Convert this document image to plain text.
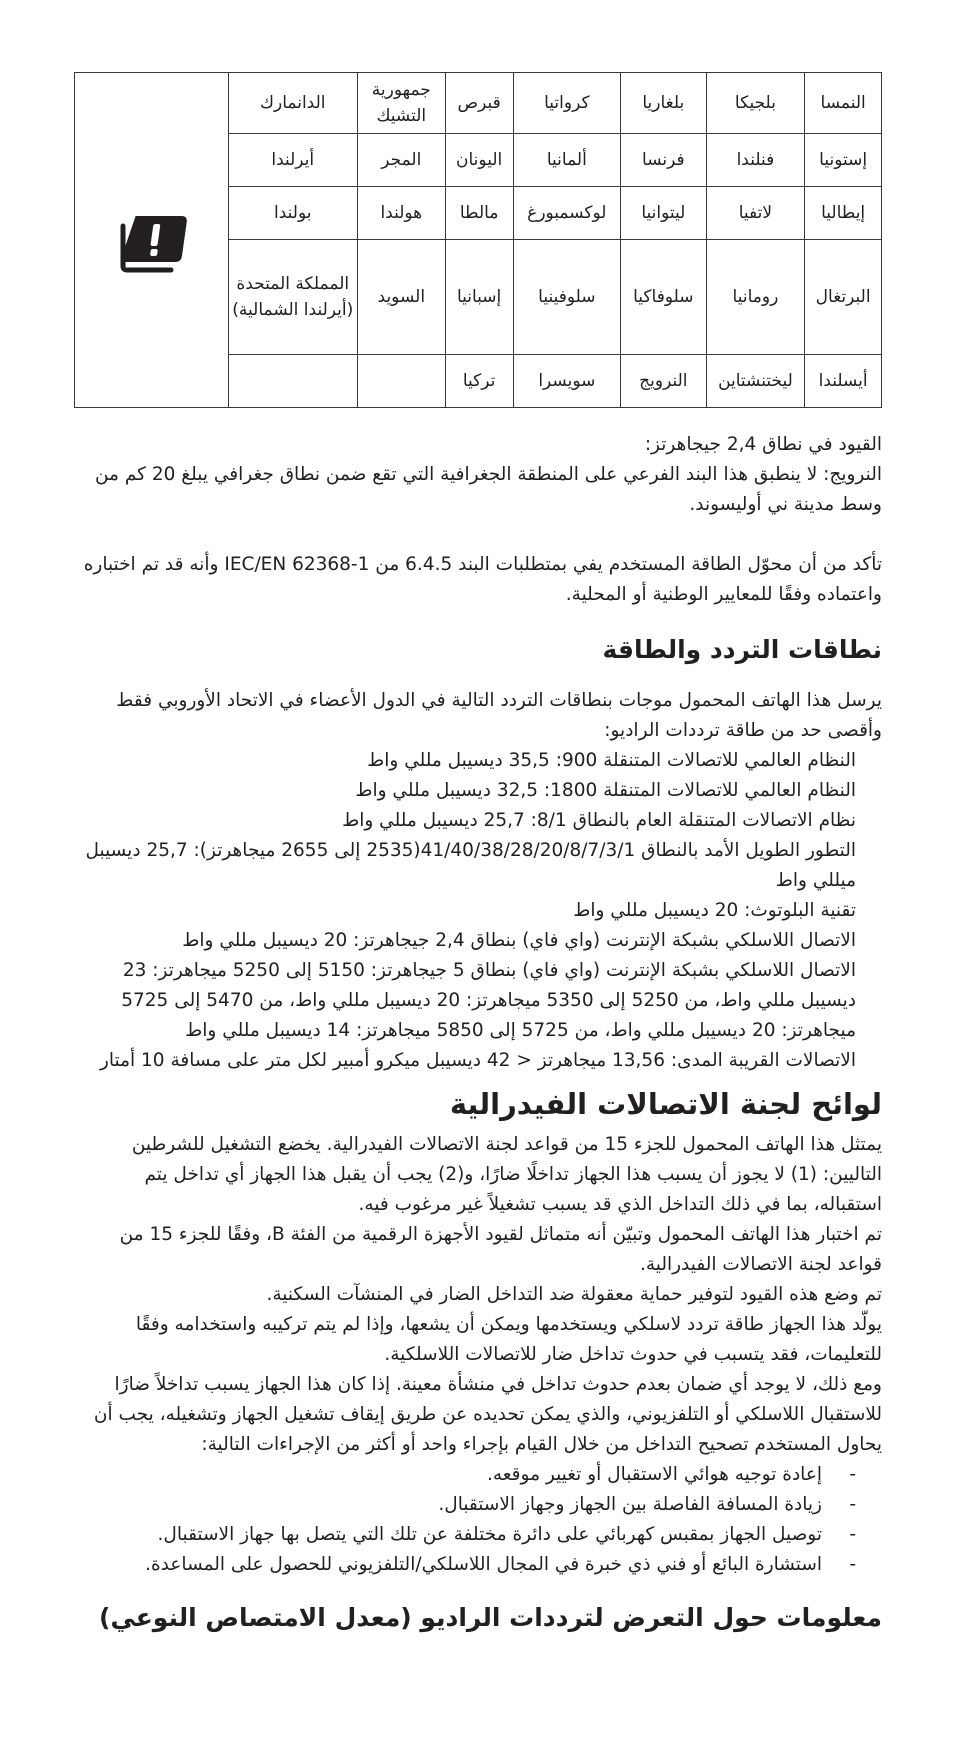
النمسا	بلجيكا	بلغاريا	كرواتيا	قبرص	جمهورية التشيك	الدانمارك	

إستونيا	فنلندا	فرنسا	ألمانيا	اليونان	المجر	أيرلندا	
إيطاليا	لاتفيا	ليتوانيا	لوكسمبورغ	مالطا	هولندا	بولندا	
البرتغال	رومانيا	سلوفاكيا	سلوفينيا	إسبانيا	السويد	المملكة المتحدة (أيرلندا الشمالية)	
أيسلندا	ليختنشتاين	النرويج	سويسرا	تركيا			

القيود في نطاق 2,4 جيجاهرتز:

النرويج: لا ينطبق هذا البند الفرعي على المنطقة الجغرافية التي تقع ضمن نطاق جغرافي يبلغ 20 كم من وسط مدينة ني أوليسوند.

تأكد من أن محوّل الطاقة المستخدم يفي بمتطلبات البند 6.4.5 من IEC/EN 62368-1 وأنه قد تم اختباره واعتماده وفقًا للمعايير الوطنية أو المحلية.

نطاقات التردد والطاقة

يرسل هذا الهاتف المحمول موجات بنطاقات التردد التالية في الدول الأعضاء في الاتحاد الأوروبي فقط وأقصى حد من طاقة ترددات الراديو:

النظام العالمي للاتصالات المتنقلة 900: 35,5 ديسيبل مللي واط
النظام العالمي للاتصالات المتنقلة 1800: 32,5 ديسيبل مللي واط
نظام الاتصالات المتنقلة العام بالنطاق 8/1: 25,7 ديسيبل مللي واط
التطور الطويل الأمد بالنطاق 41/40/38/28/20/8/7/3/1(2535 إلى 2655 ميجاهرتز): 25,7 ديسيبل ميللي واط
تقنية البلوتوث: 20 ديسيبل مللي واط
الاتصال اللاسلكي بشبكة الإنترنت (واي فاي) بنطاق 2,4 جيجاهرتز: 20 ديسيبل مللي واط
الاتصال اللاسلكي بشبكة الإنترنت (واي فاي) بنطاق 5 جيجاهرتز: 5150 إلى 5250 ميجاهرتز: 23 ديسيبل مللي واط، من 5250 إلى 5350 ميجاهرتز: 20 ديسيبل مللي واط، من 5470 إلى 5725 ميجاهرتز: 20 ديسيبل مللي واط، من 5725 إلى 5850 ميجاهرتز: 14 ديسيبل مللي واط
الاتصالات القريبة المدى: 13,56 ميجاهرتز < 42 ديسيبل ميكرو أمبير لكل متر على مسافة 10 أمتار
لوائح لجنة الاتصالات الفيدرالية

يمتثل هذا الهاتف المحمول للجزء 15 من قواعد لجنة الاتصالات الفيدرالية. يخضع التشغيل للشرطين التاليين: (1) لا يجوز أن يسبب هذا الجهاز تداخلًا ضارًا، و(2) يجب أن يقبل هذا الجهاز أي تداخل يتم استقباله، بما في ذلك التداخل الذي قد يسبب تشغيلاً غير مرغوب فيه.

تم اختبار هذا الهاتف المحمول وتبيّن أنه متماثل لقيود الأجهزة الرقمية من الفئة B، وفقًا للجزء 15 من قواعد لجنة الاتصالات الفيدرالية.

تم وضع هذه القيود لتوفير حماية معقولة ضد التداخل الضار في المنشآت السكنية.

يولّد هذا الجهاز طاقة تردد لاسلكي ويستخدمها ويمكن أن يشعها، وإذا لم يتم تركيبه واستخدامه وفقًا للتعليمات، فقد يتسبب في حدوث تداخل ضار للاتصالات اللاسلكية.

ومع ذلك، لا يوجد أي ضمان بعدم حدوث تداخل في منشأة معينة. إذا كان هذا الجهاز يسبب تداخلاً ضارًا للاستقبال اللاسلكي أو التلفزيوني، والذي يمكن تحديده عن طريق إيقاف تشغيل الجهاز وتشغيله، يجب أن يحاول المستخدم تصحيح التداخل من خلال القيام بإجراء واحد أو أكثر من الإجراءات التالية:

-
إعادة توجيه هوائي الاستقبال أو تغيير موقعه.
-
زيادة المسافة الفاصلة بين الجهاز وجهاز الاستقبال.
-
توصيل الجهاز بمقبس كهربائي على دائرة مختلفة عن تلك التي يتصل بها جهاز الاستقبال.
-
استشارة البائع أو فني ذي خبرة في المجال اللاسلكي/التلفزيوني للحصول على المساعدة.
معلومات حول التعرض لترددات الراديو (معدل الامتصاص النوعي)
